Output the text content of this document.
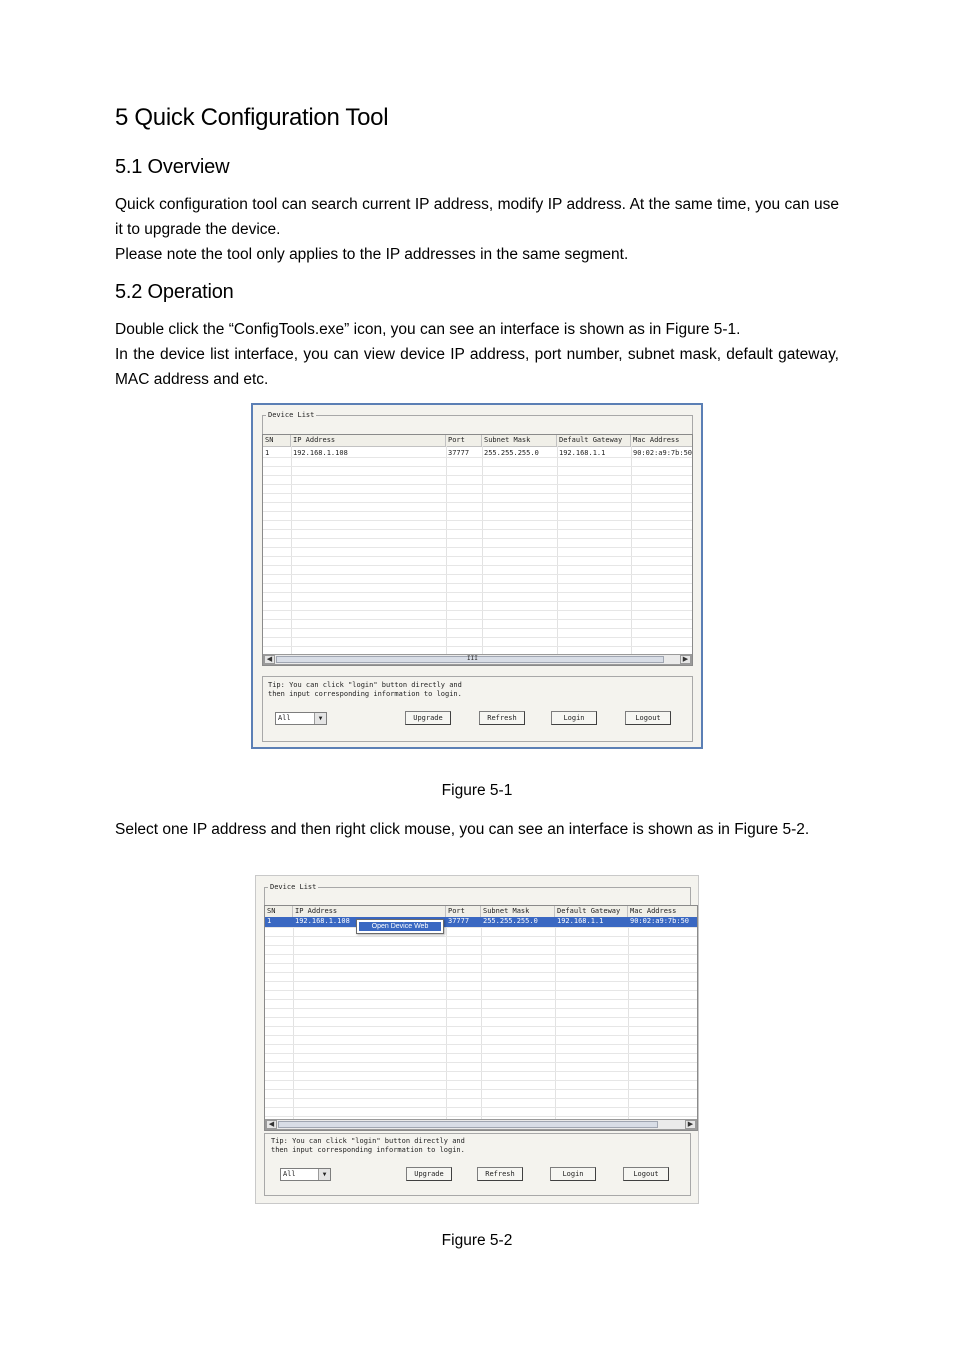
5 Quick Configuration Tool
5.1 Overview

Quick configuration tool can search current IP address, modify IP address. At the same time, you can use it to upgrade the device.

Please note the tool only applies to the IP addresses in the same segment.

5.2 Operation

Double click the “ConfigTools.exe” icon, you can see an interface is shown as in Figure 5-1.

In the device list interface, you can view device IP address, port number, subnet mask, default gateway, MAC address and etc.

Device List
SN	IP Address	Port	Subnet Mask	Default Gateway	Mac Address
1	192.168.1.108	37777	255.255.255.0	192.168.1.1	90:02:a9:7b:50
◀	III	▶
Tip: You can click "login" button directly and
then input corresponding information to login.
All	▼	Upgrade	Refresh	Login	Logout
Figure 5-1

Select one IP address and then right click mouse, you can see an interface is shown as in Figure 5-2.

Device List
SN	IP Address	Port	Subnet Mask	Default Gateway	Mac Address
1	192.168.1.108	37777	255.255.255.0	192.168.1.1	90:02:a9:7b:50
◀	▶
Open Device Web
Tip: You can click "login" button directly and
then input corresponding information to login.
All	▼	Upgrade	Refresh	Login	Logout
Figure 5-2
